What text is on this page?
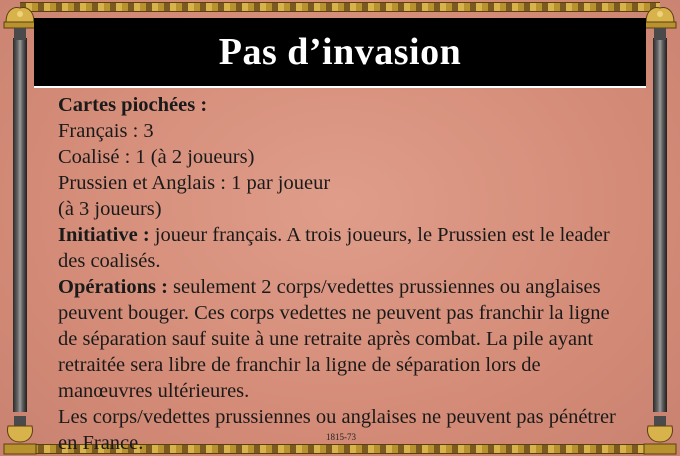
Pas d’invasion

Cartes piochées :

Français : 3

Coalisé : 1 (à 2 joueurs)

Prussien et Anglais : 1 par joueur

(à 3 joueurs)

Initiative : joueur français. A trois joueurs, le Prussien est le leader des coalisés.

Opérations : seulement 2 corps/vedettes prussiennes ou anglaises peuvent bouger. Ces corps vedettes ne peuvent pas franchir la ligne de séparation sauf suite à une retraite après combat. La pile ayant retraitée sera libre de franchir la ligne de séparation lors de manœuvres ultérieures.

Les corps/vedettes prussiennes ou anglaises ne peuvent pas pénétrer en France.	1815-73
